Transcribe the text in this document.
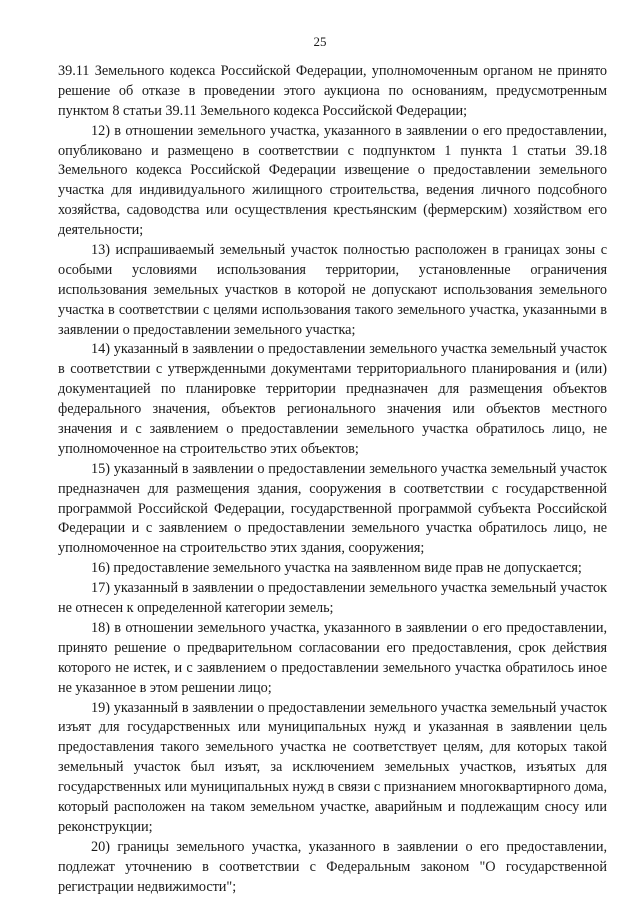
25

39.11 Земельного кодекса Российской Федерации, уполномоченным органом не принято решение об отказе в проведении этого аукциона по основаниям, предусмотренным пунктом 8 статьи 39.11 Земельного кодекса Российской Федерации;

12) в отношении земельного участка, указанного в заявлении о его предоставлении, опубликовано и размещено в соответствии с подпунктом 1 пункта 1 статьи 39.18 Земельного кодекса Российской Федерации извещение о предоставлении земельного участка для индивидуального жилищного строительства, ведения личного подсобного хозяйства, садоводства или осуществления крестьянским (фермерским) хозяйством его деятельности;

13) испрашиваемый земельный участок полностью расположен в границах зоны с особыми условиями использования территории, установленные ограничения использования земельных участков в которой не допускают использования земельного участка в соответствии с целями использования такого земельного участка, указанными в заявлении о предоставлении земельного участка;

14) указанный в заявлении о предоставлении земельного участка земельный участок в соответствии с утвержденными документами территориального планирования и (или) документацией по планировке территории предназначен для размещения объектов федерального значения, объектов регионального значения или объектов местного значения и с заявлением о предоставлении земельного участка обратилось лицо, не уполномоченное на строительство этих объектов;

15) указанный в заявлении о предоставлении земельного участка земельный участок предназначен для размещения здания, сооружения в соответствии с государственной программой Российской Федерации, государственной программой субъекта Российской Федерации и с заявлением о предоставлении земельного участка обратилось лицо, не уполномоченное на строительство этих здания, сооружения;

16) предоставление земельного участка на заявленном виде прав не допускается;

17) указанный в заявлении о предоставлении земельного участка земельный участок не отнесен к определенной категории земель;

18) в отношении земельного участка, указанного в заявлении о его предоставлении, принято решение о предварительном согласовании его предоставления, срок действия которого не истек, и с заявлением о предоставлении земельного участка обратилось иное не указанное в этом решении лицо;

19) указанный в заявлении о предоставлении земельного участка земельный участок изъят для государственных или муниципальных нужд и указанная в заявлении цель предоставления такого земельного участка не соответствует целям, для которых такой земельный участок был изъят, за исключением земельных участков, изъятых для государственных или муниципальных нужд в связи с признанием многоквартирного дома, который расположен на таком земельном участке, аварийным и подлежащим сносу или реконструкции;

20) границы земельного участка, указанного в заявлении о его предоставлении, подлежат уточнению в соответствии с Федеральным законом "О государственной регистрации недвижимости";
